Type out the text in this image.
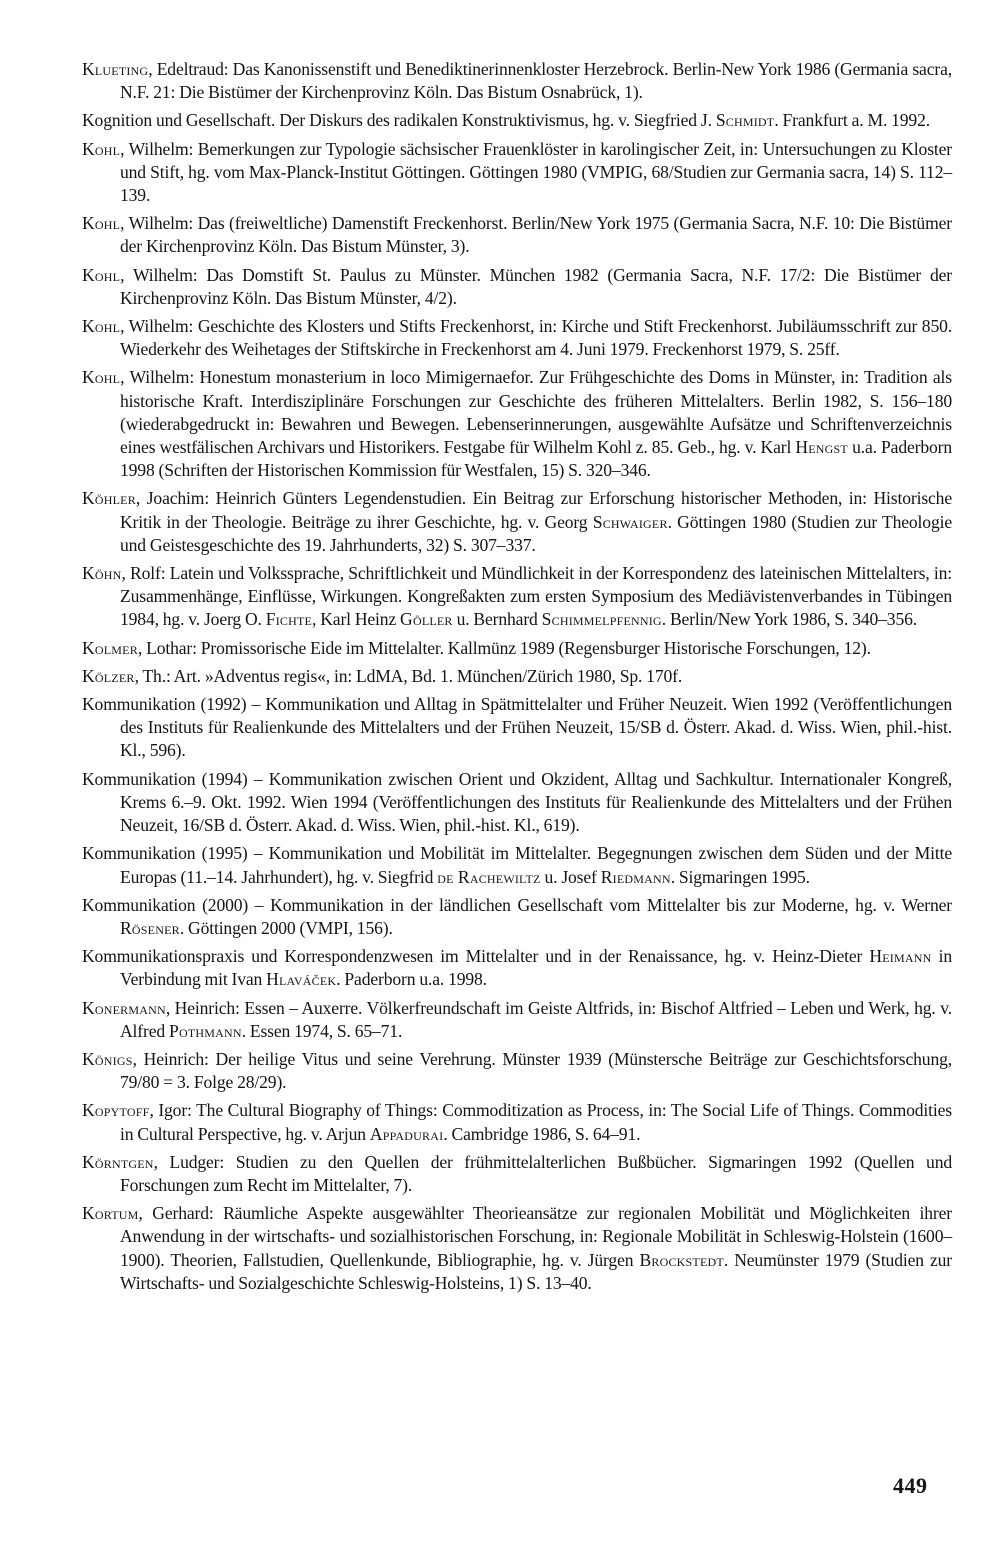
Klueting, Edeltraud: Das Kanonissenstift und Benediktinerinnenkloster Herzebrock. Berlin-New York 1986 (Germania sacra, N.F. 21: Die Bistümer der Kirchenprovinz Köln. Das Bistum Osnabrück, 1).

Kognition und Gesellschaft. Der Diskurs des radikalen Konstruktivismus, hg. v. Siegfried J. Schmidt. Frankfurt a. M. 1992.

Kohl, Wilhelm: Bemerkungen zur Typologie sächsischer Frauenklöster in karolingischer Zeit, in: Untersuchungen zu Kloster und Stift, hg. vom Max-Planck-Institut Göttingen. Göttingen 1980 (VMPIG, 68/Studien zur Germania sacra, 14) S. 112–139.

Kohl, Wilhelm: Das (freiweltliche) Damenstift Freckenhorst. Berlin/New York 1975 (Germania Sacra, N.F. 10: Die Bistümer der Kirchenprovinz Köln. Das Bistum Münster, 3).

Kohl, Wilhelm: Das Domstift St. Paulus zu Münster. München 1982 (Germania Sacra, N.F. 17/2: Die Bistümer der Kirchenprovinz Köln. Das Bistum Münster, 4/2).

Kohl, Wilhelm: Geschichte des Klosters und Stifts Freckenhorst, in: Kirche und Stift Freckenhorst. Jubiläumsschrift zur 850. Wiederkehr des Weihetages der Stiftskirche in Freckenhorst am 4. Juni 1979. Freckenhorst 1979, S. 25ff.

Kohl, Wilhelm: Honestum monasterium in loco Mimigernaefor. Zur Frühgeschichte des Doms in Münster, in: Tradition als historische Kraft. Interdisziplinäre Forschungen zur Geschichte des früheren Mittelalters. Berlin 1982, S. 156–180 (wiederabgedruckt in: Bewahren und Bewegen. Lebenserinnerungen, ausgewählte Aufsätze und Schriftenverzeichnis eines westfälischen Archivars und Historikers. Festgabe für Wilhelm Kohl z. 85. Geb., hg. v. Karl Hengst u.a. Paderborn 1998 (Schriften der Historischen Kommission für Westfalen, 15) S. 320–346.

Köhler, Joachim: Heinrich Günters Legendenstudien. Ein Beitrag zur Erforschung historischer Methoden, in: Historische Kritik in der Theologie. Beiträge zu ihrer Geschichte, hg. v. Georg Schwaiger. Göttingen 1980 (Studien zur Theologie und Geistesgeschichte des 19. Jahrhunderts, 32) S. 307–337.

Köhn, Rolf: Latein und Volkssprache, Schriftlichkeit und Mündlichkeit in der Korrespondenz des lateinischen Mittelalters, in: Zusammenhänge, Einflüsse, Wirkungen. Kongreßakten zum ersten Symposium des Mediävistenverbandes in Tübingen 1984, hg. v. Joerg O. Fichte, Karl Heinz Göller u. Bernhard Schimmelpfennig. Berlin/New York 1986, S. 340–356.

Kolmer, Lothar: Promissorische Eide im Mittelalter. Kallmünz 1989 (Regensburger Historische Forschungen, 12).

Kölzer, Th.: Art. »Adventus regis«, in: LdMA, Bd. 1. München/Zürich 1980, Sp. 170f.

Kommunikation (1992) – Kommunikation und Alltag in Spätmittelalter und Früher Neuzeit. Wien 1992 (Veröffentlichungen des Instituts für Realienkunde des Mittelalters und der Frühen Neuzeit, 15/SB d. Österr. Akad. d. Wiss. Wien, phil.-hist. Kl., 596).

Kommunikation (1994) – Kommunikation zwischen Orient und Okzident, Alltag und Sachkultur. Internationaler Kongreß, Krems 6.–9. Okt. 1992. Wien 1994 (Veröffentlichungen des Instituts für Realienkunde des Mittelalters und der Frühen Neuzeit, 16/SB d. Österr. Akad. d. Wiss. Wien, phil.-hist. Kl., 619).

Kommunikation (1995) – Kommunikation und Mobilität im Mittelalter. Begegnungen zwischen dem Süden und der Mitte Europas (11.–14. Jahrhundert), hg. v. Siegfrid de Rachewiltz u. Josef Riedmann. Sigmaringen 1995.

Kommunikation (2000) – Kommunikation in der ländlichen Gesellschaft vom Mittelalter bis zur Moderne, hg. v. Werner Rösener. Göttingen 2000 (VMPI, 156).

Kommunikationspraxis und Korrespondenzwesen im Mittelalter und in der Renaissance, hg. v. Heinz-Dieter Heimann in Verbindung mit Ivan Hlaváček. Paderborn u.a. 1998.

Konermann, Heinrich: Essen – Auxerre. Völkerfreundschaft im Geiste Altfrids, in: Bischof Altfried – Leben und Werk, hg. v. Alfred Pothmann. Essen 1974, S. 65–71.

Königs, Heinrich: Der heilige Vitus und seine Verehrung. Münster 1939 (Münstersche Beiträge zur Geschichtsforschung, 79/80 = 3. Folge 28/29).

Kopytoff, Igor: The Cultural Biography of Things: Commoditization as Process, in: The Social Life of Things. Commodities in Cultural Perspective, hg. v. Arjun Appadurai. Cambridge 1986, S. 64–91.

Körntgen, Ludger: Studien zu den Quellen der frühmittelalterlichen Bußbücher. Sigmaringen 1992 (Quellen und Forschungen zum Recht im Mittelalter, 7).

Kortum, Gerhard: Räumliche Aspekte ausgewählter Theorieansätze zur regionalen Mobilität und Möglichkeiten ihrer Anwendung in der wirtschafts- und sozialhistorischen Forschung, in: Regionale Mobilität in Schleswig-Holstein (1600–1900). Theorien, Fallstudien, Quellenkunde, Bibliographie, hg. v. Jürgen Brockstedt. Neumünster 1979 (Studien zur Wirtschafts- und Sozialgeschichte Schleswig-Holsteins, 1) S. 13–40.

449
